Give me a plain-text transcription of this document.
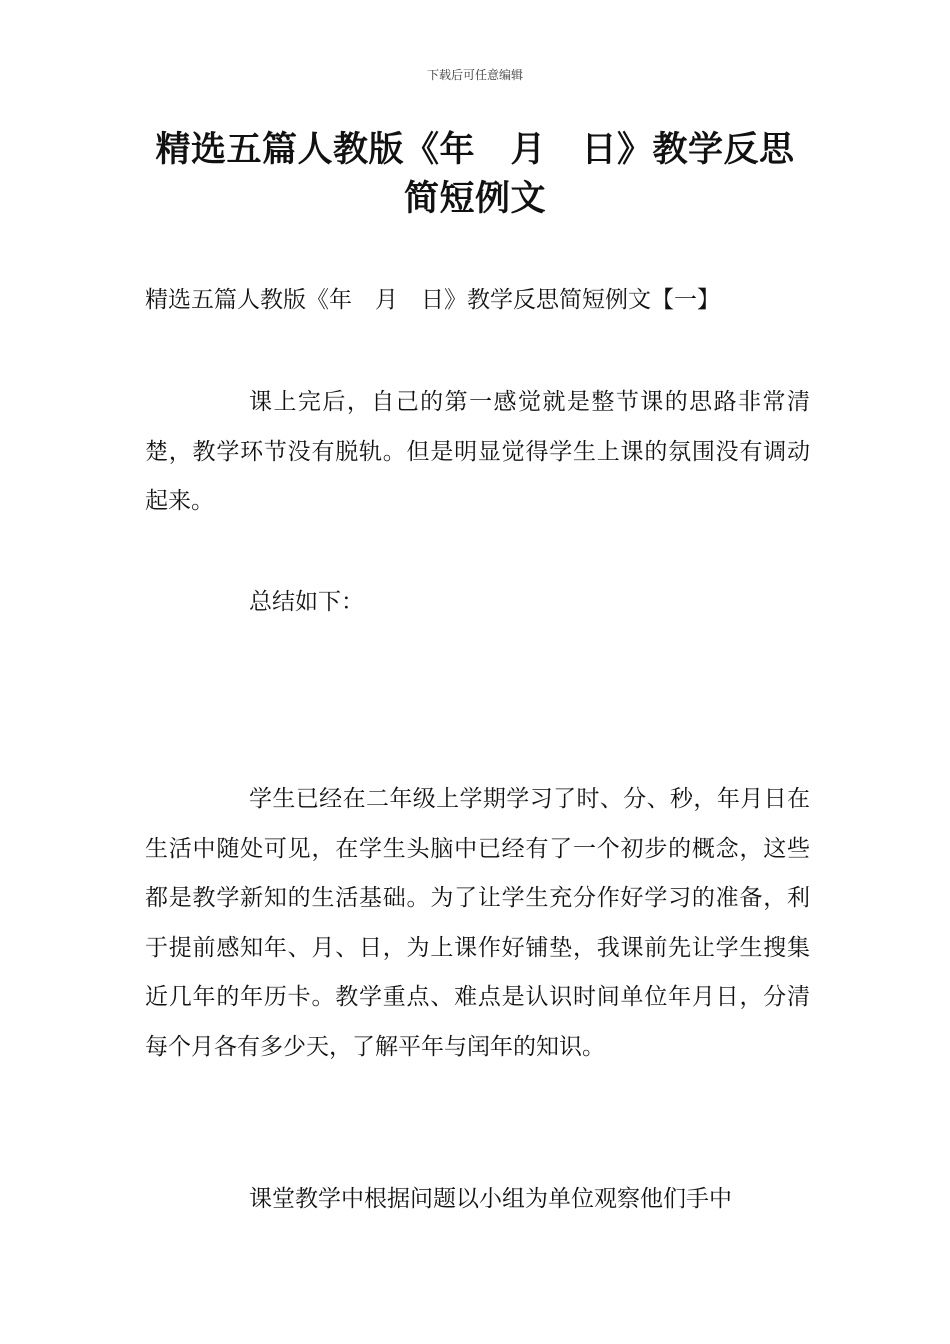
下载后可任意编辑
精选五篇人教版《年　月　日》教学反思简短例文
精选五篇人教版《年　月　日》教学反思简短例文【一】

课上完后，自己的第一感觉就是整节课的思路非常清楚，教学环节没有脱轨。但是明显觉得学生上课的氛围没有调动起来。

总结如下：

学生已经在二年级上学期学习了时、分、秒，年月日在生活中随处可见，在学生头脑中已经有了一个初步的概念，这些都是教学新知的生活基础。为了让学生充分作好学习的准备，利于提前感知年、月、日，为上课作好铺垫，我课前先让学生搜集近几年的年历卡。教学重点、难点是认识时间单位年月日，分清每个月各有多少天，了解平年与闰年的知识。

课堂教学中根据问题以小组为单位观察他们手中
